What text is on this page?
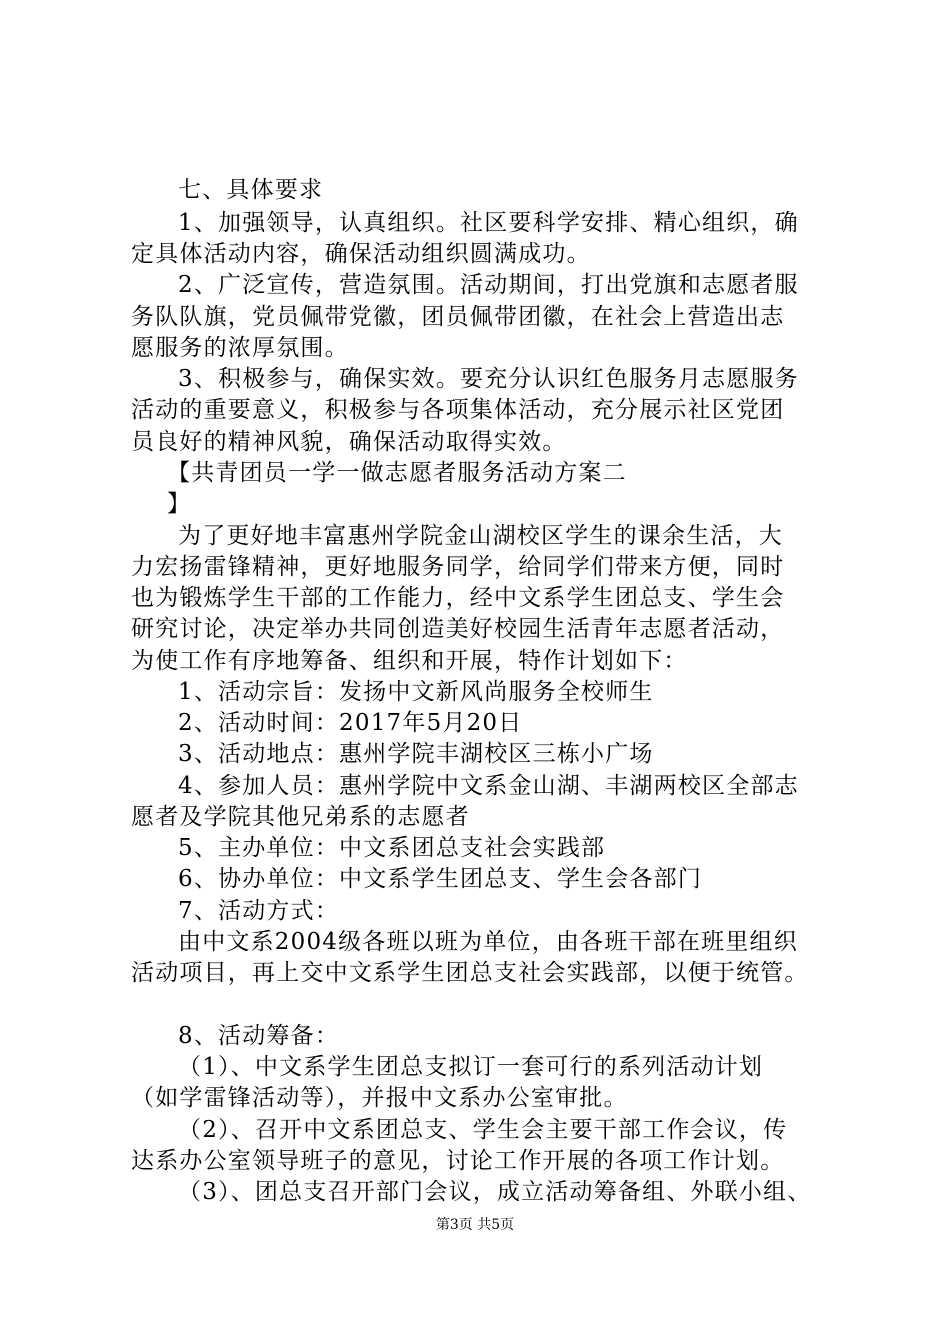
七、具体要求
1、加强领导，认真组织。社区要科学安排、精心组织，确
定具体活动内容，确保活动组织圆满成功。
2、广泛宣传，营造氛围。活动期间，打出党旗和志愿者服
务队队旗，党员佩带党徽，团员佩带团徽，在社会上营造出志
愿服务的浓厚氛围。
3、积极参与，确保实效。要充分认识红色服务月志愿服务
活动的重要意义，积极参与各项集体活动，充分展示社区党团
员良好的精神风貌，确保活动取得实效。
【共青团员一学一做志愿者服务活动方案二
】
为了更好地丰富惠州学院金山湖校区学生的课余生活，大
力宏扬雷锋精神，更好地服务同学，给同学们带来方便，同时
也为锻炼学生干部的工作能力，经中文系学生团总支、学生会
研究讨论，决定举办共同创造美好校园生活青年志愿者活动，
为使工作有序地筹备、组织和开展，特作计划如下：
1、活动宗旨：发扬中文新风尚服务全校师生
2、活动时间：2017年5月20日
3、活动地点：惠州学院丰湖校区三栋小广场
4、参加人员：惠州学院中文系金山湖、丰湖两校区全部志
愿者及学院其他兄弟系的志愿者
5、主办单位：中文系团总支社会实践部
6、协办单位：中文系学生团总支、学生会各部门
7、活动方式：
由中文系2004级各班以班为单位，由各班干部在班里组织
活动项目，再上交中文系学生团总支社会实践部，以便于统管。
8、活动筹备：
（1）、中文系学生团总支拟订一套可行的系列活动计划
（如学雷锋活动等），并报中文系办公室审批。
（2）、召开中文系团总支、学生会主要干部工作会议，传
达系办公室领导班子的意见，讨论工作开展的各项工作计划。
（3）、团总支召开部门会议，成立活动筹备组、外联小组、
第3页 共5页
